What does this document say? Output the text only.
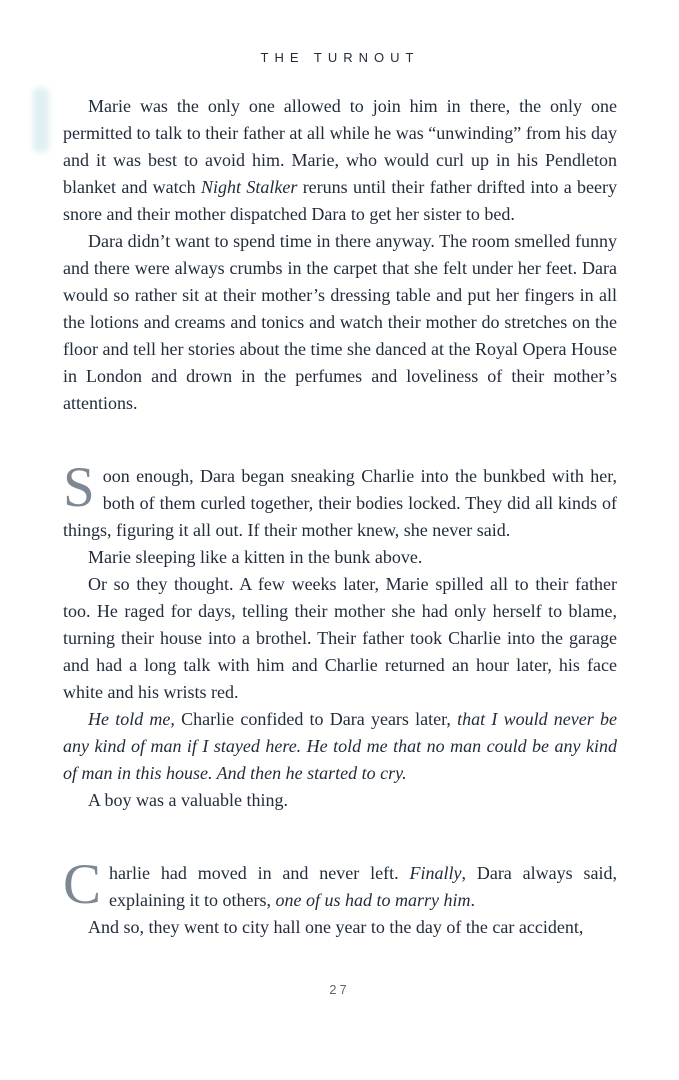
THE TURNOUT

Marie was the only one allowed to join him in there, the only one permitted to talk to their father at all while he was “unwinding” from his day and it was best to avoid him. Marie, who would curl up in his Pendleton blanket and watch Night Stalker reruns until their father drifted into a beery snore and their mother dispatched Dara to get her sister to bed.

Dara didn’t want to spend time in there anyway. The room smelled funny and there were always crumbs in the carpet that she felt under her feet. Dara would so rather sit at their mother’s dressing table and put her fingers in all the lotions and creams and tonics and watch their mother do stretches on the floor and tell her stories about the time she danced at the Royal Opera House in London and drown in the perfumes and loveliness of their mother’s attentions.

Soon enough, Dara began sneaking Charlie into the bunkbed with her, both of them curled together, their bodies locked. They did all kinds of things, figuring it all out. If their mother knew, she never said.

Marie sleeping like a kitten in the bunk above.

Or so they thought. A few weeks later, Marie spilled all to their father too. He raged for days, telling their mother she had only herself to blame, turning their house into a brothel. Their father took Charlie into the garage and had a long talk with him and Charlie returned an hour later, his face white and his wrists red.

He told me, Charlie confided to Dara years later, that I would never be any kind of man if I stayed here. He told me that no man could be any kind of man in this house. And then he started to cry.

A boy was a valuable thing.

Charlie had moved in and never left. Finally, Dara always said, explaining it to others, one of us had to marry him.

And so, they went to city hall one year to the day of the car accident,

27
